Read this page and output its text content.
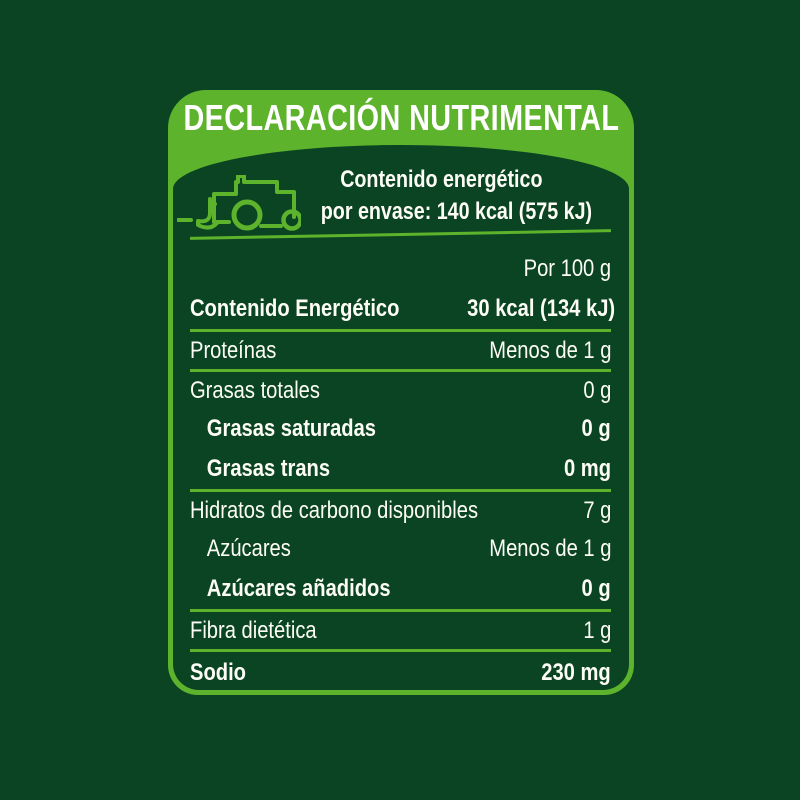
DECLARACIÓN NUTRIMENTAL
Contenido energético
por envase: 140 kcal (575 kJ)
Por 100 g
Contenido Energético	30 kcal (134 kJ)
Proteínas	Menos de 1 g
Grasas totales	0 g
Grasas saturadas	0 g
Grasas trans	0 mg
Hidratos de carbono disponibles	7 g
Azúcares	Menos de 1 g
Azúcares añadidos	0 g
Fibra dietética	1 g
Sodio	230 mg
